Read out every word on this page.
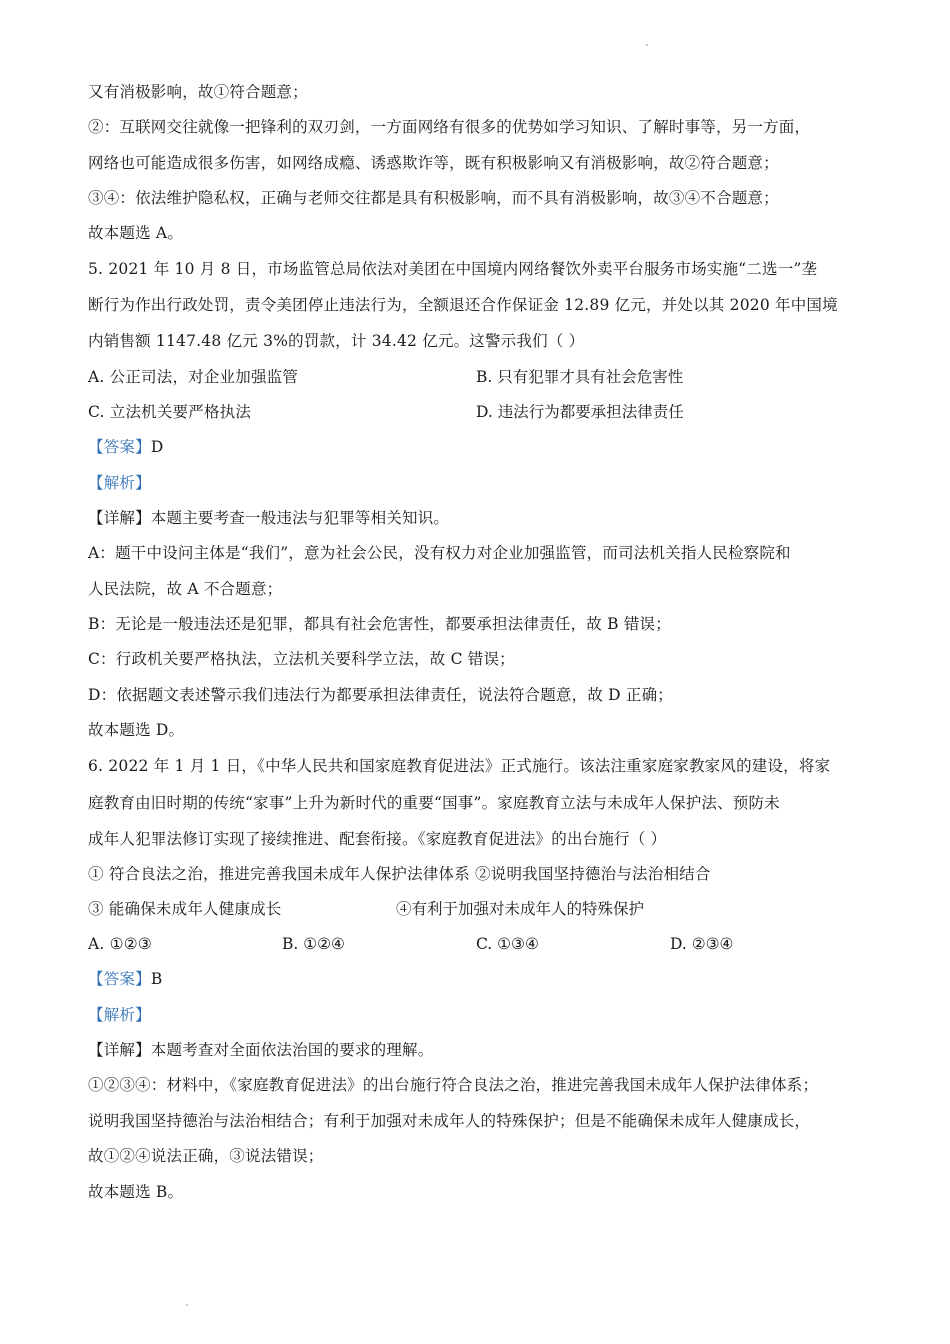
又有消极影响，故①符合题意；
②：互联网交往就像一把锋利的双刃剑，一方面网络有很多的优势如学习知识、了解时事等，另一方面，
网络也可能造成很多伤害，如网络成瘾、诱惑欺诈等，既有积极影响又有消极影响，故②符合题意；
③④：依法维护隐私权，正确与老师交往都是具有积极影响，而不具有消极影响，故③④不合题意；
故本题选 A。
5. 2021 年 10 月 8 日，市场监管总局依法对美团在中国境内网络餐饮外卖平台服务市场实施“二选一”垄
断行为作出行政处罚，责令美团停止违法行为，全额退还合作保证金 12.89 亿元，并处以其 2020 年中国境
内销售额 1147.48 亿元 3%的罚款，计 34.42 亿元。这警示我们（ ）
A. 公正司法，对企业加强监管	B. 只有犯罪才具有社会危害性
C. 立法机关要严格执法	D. 违法行为都要承担法律责任
【答案】D
【解析】
【详解】本题主要考查一般违法与犯罪等相关知识。
A：题干中设问主体是“我们”，意为社会公民，没有权力对企业加强监管，而司法机关指人民检察院和
人民法院，故 A 不合题意；
B：无论是一般违法还是犯罪，都具有社会危害性，都要承担法律责任，故 B 错误；
C：行政机关要严格执法，立法机关要科学立法，故 C 错误；
D：依据题文表述警示我们违法行为都要承担法律责任，说法符合题意，故 D 正确；
故本题选 D。
6. 2022 年 1 月 1 日，《中华人民共和国家庭教育促进法》正式施行。该法注重家庭家教家风的建设，将家
庭教育由旧时期的传统“家事”上升为新时代的重要“国事”。家庭教育立法与未成年人保护法、预防未
成年人犯罪法修订实现了接续推进、配套衔接。《家庭教育促进法》的出台施行（ ）
① 符合良法之治，推进完善我国未成年人保护法律体系 ②说明我国坚持德治与法治相结合
③ 能确保未成年人健康成长	④有利于加强对未成年人的特殊保护
A. ①②③	B. ①②④	C. ①③④	D. ②③④
【答案】B
【解析】
【详解】本题考查对全面依法治国的要求的理解。
①②③④：材料中，《家庭教育促进法》的出台施行符合良法之治，推进完善我国未成年人保护法律体系；
说明我国坚持德治与法治相结合；有利于加强对未成年人的特殊保护；但是不能确保未成年人健康成长，
故①②④说法正确，③说法错误；
故本题选 B。
